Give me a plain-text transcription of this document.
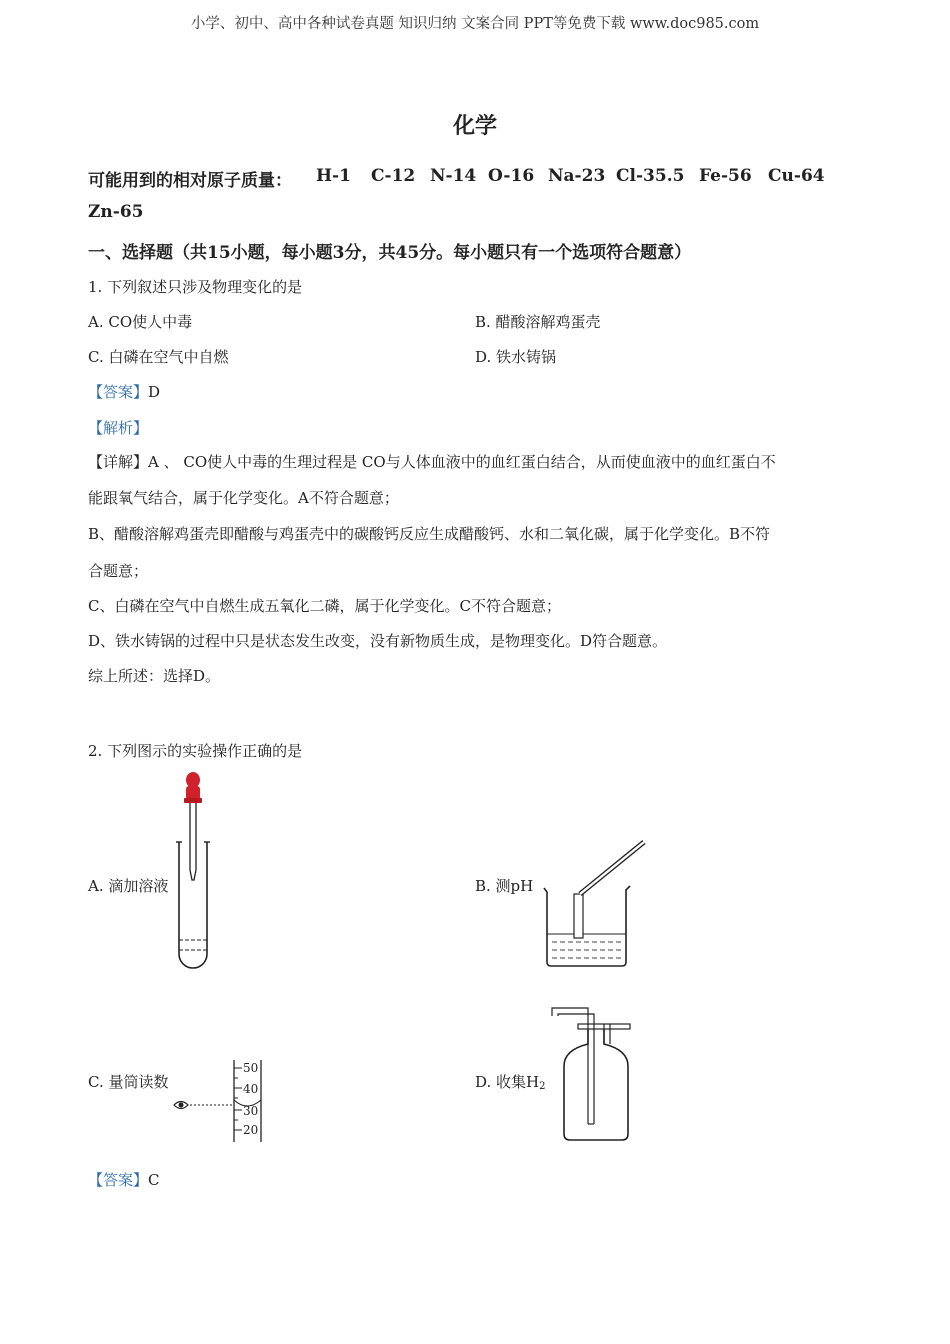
小学、初中、高中各种试卷真题 知识归纳 文案合同 PPT等免费下载 www.doc985.com
化学
可能用到的相对原子质量： H-1 C-12 N-14 O-16 Na-23 Cl-35.5 Fe-56 Cu-64
Zn-65
一、选择题（共15小题，每小题3分，共45分。每小题只有一个选项符合题意）
1. 下列叙述只涉及物理变化的是
A. CO使人中毒	B. 醋酸溶解鸡蛋壳
C. 白磷在空气中自燃	D. 铁水铸锅
【答案】D
【解析】
【详解】A 、 CO使人中毒的生理过程是 CO与人体血液中的血红蛋白结合，从而使血液中的血红蛋白不
能跟氧气结合，属于化学变化。A不符合题意；
B、醋酸溶解鸡蛋壳即醋酸与鸡蛋壳中的碳酸钙反应生成醋酸钙、水和二氧化碳，属于化学变化。B不符
合题意；
C、白磷在空气中自燃生成五氧化二磷，属于化学变化。C不符合题意；
D、铁水铸锅的过程中只是状态发生改变，没有新物质生成，是物理变化。D符合题意。
综上所述：选择D。
2. 下列图示的实验操作正确的是
A. 滴加溶液	B. 测pH
C. 量筒读数	D. 收集$H_2$
50
40
30
20
【答案】C
